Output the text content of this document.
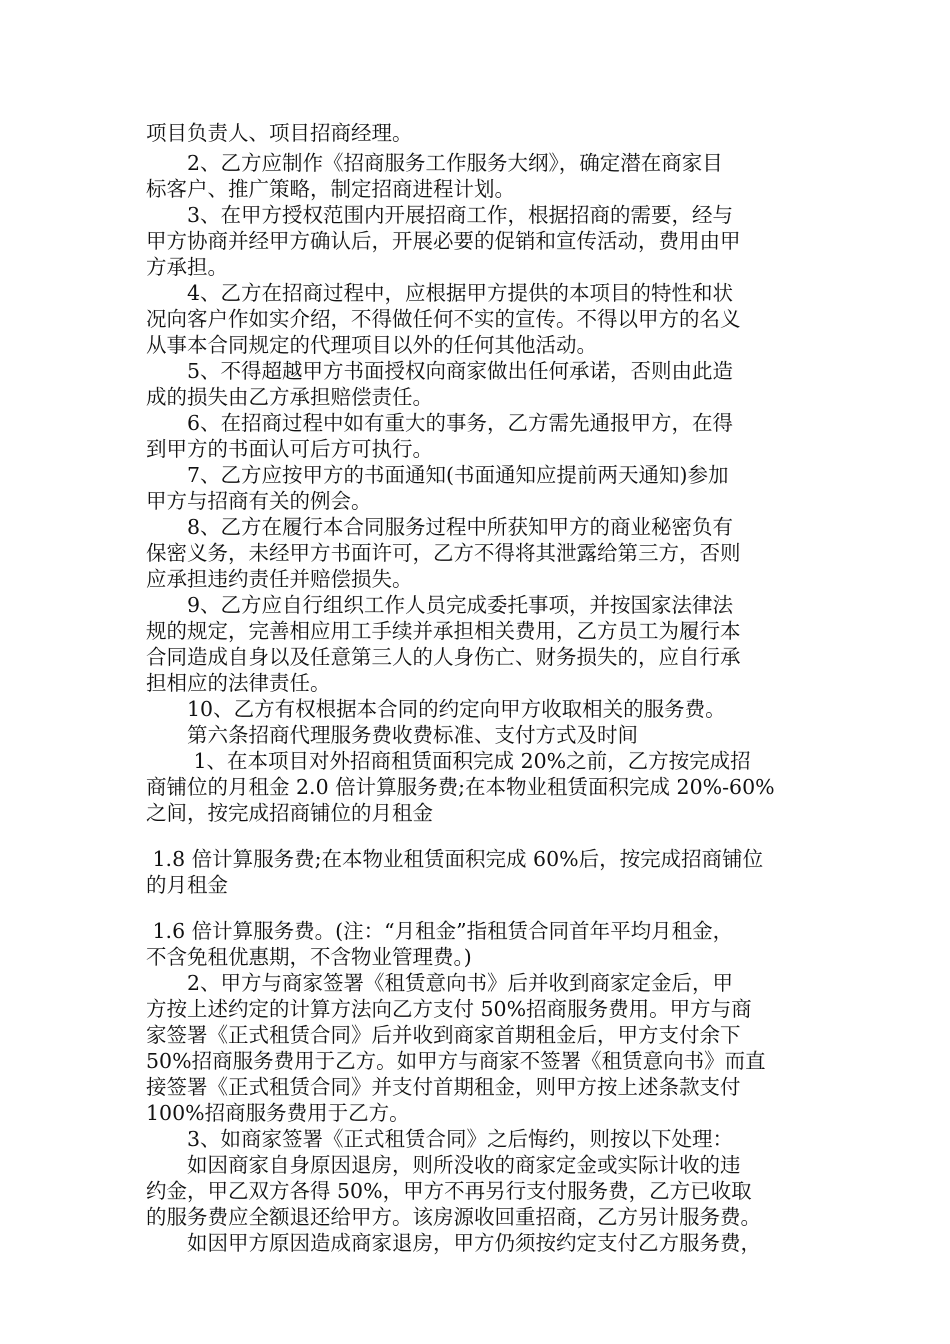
项目负责人、项目招商经理。
　　2、乙方应制作《招商服务工作服务大纲》，确定潜在商家目
标客户、推广策略，制定招商进程计划。
　　3、在甲方授权范围内开展招商工作，根据招商的需要，经与
甲方协商并经甲方确认后，开展必要的促销和宣传活动，费用由甲
方承担。
　　4、乙方在招商过程中，应根据甲方提供的本项目的特性和状
况向客户作如实介绍，不得做任何不实的宣传。不得以甲方的名义
从事本合同规定的代理项目以外的任何其他活动。
　　5、不得超越甲方书面授权向商家做出任何承诺，否则由此造
成的损失由乙方承担赔偿责任。
　　6、在招商过程中如有重大的事务，乙方需先通报甲方，在得
到甲方的书面认可后方可执行。
　　7、乙方应按甲方的书面通知(书面通知应提前两天通知)参加
甲方与招商有关的例会。
　　8、乙方在履行本合同服务过程中所获知甲方的商业秘密负有
保密义务，未经甲方书面许可，乙方不得将其泄露给第三方，否则
应承担违约责任并赔偿损失。
　　9、乙方应自行组织工作人员完成委托事项，并按国家法律法
规的规定，完善相应用工手续并承担相关费用，乙方员工为履行本
合同造成自身以及任意第三人的人身伤亡、财务损失的，应自行承
担相应的法律责任。
　　10、乙方有权根据本合同的约定向甲方收取相关的服务费。
　　第六条招商代理服务费收费标准、支付方式及时间
　　 1、在本项目对外招商租赁面积完成 20%之前，乙方按完成招
商铺位的月租金 2.0 倍计算服务费;在本物业租赁面积完成 20%-60%
之间，按完成招商铺位的月租金
1.8 倍计算服务费;在本物业租赁面积完成 60%后，按完成招商铺位
的月租金
1.6 倍计算服务费。(注：“月租金”指租赁合同首年平均月租金，
不含免租优惠期，不含物业管理费。)
　　2、甲方与商家签署《租赁意向书》后并收到商家定金后，甲
方按上述约定的计算方法向乙方支付 50%招商服务费用。甲方与商
家签署《正式租赁合同》后并收到商家首期租金后，甲方支付余下
50%招商服务费用于乙方。如甲方与商家不签署《租赁意向书》而直
接签署《正式租赁合同》并支付首期租金，则甲方按上述条款支付
100%招商服务费用于乙方。
　　3、如商家签署《正式租赁合同》之后悔约，则按以下处理：
　　如因商家自身原因退房，则所没收的商家定金或实际计收的违
约金，甲乙双方各得 50%，甲方不再另行支付服务费，乙方已收取
的服务费应全额退还给甲方。该房源收回重招商，乙方另计服务费。
　　如因甲方原因造成商家退房，甲方仍须按约定支付乙方服务费，
